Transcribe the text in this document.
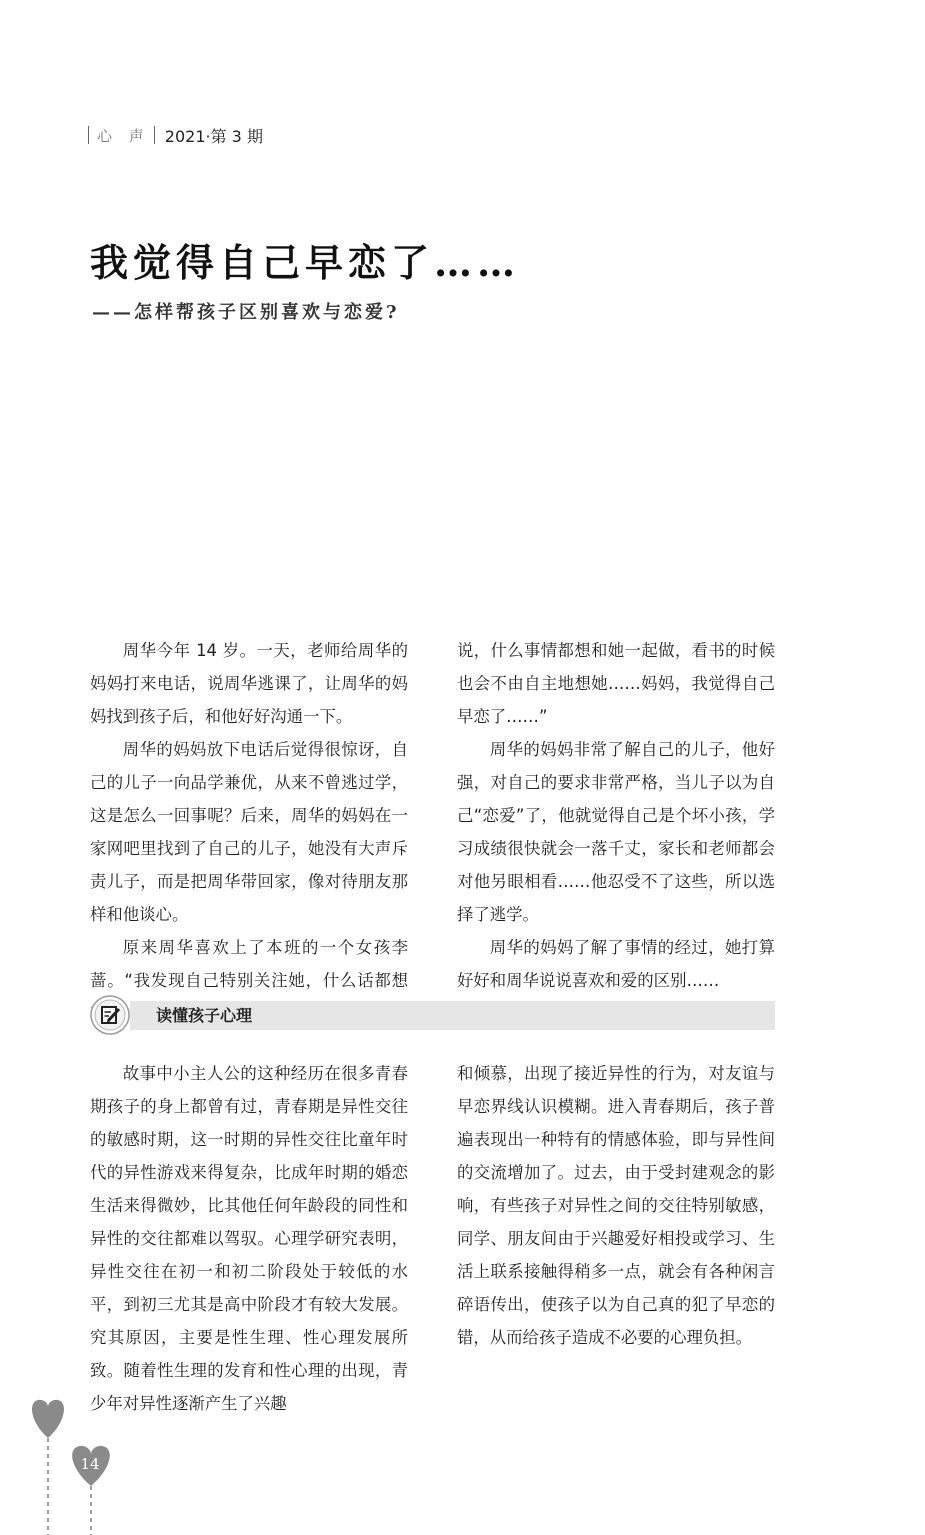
心 声 2021·第 3 期
我觉得自己早恋了……
——怎样帮孩子区别喜欢与恋爱?

周华今年 14 岁。一天，老师给周华的妈妈打来电话，说周华逃课了，让周华的妈妈找到孩子后，和他好好沟通一下。

周华的妈妈放下电话后觉得很惊讶，自己的儿子一向品学兼优，从来不曾逃过学，这是怎么一回事呢？后来，周华的妈妈在一家网吧里找到了自己的儿子，她没有大声斥责儿子，而是把周华带回家，像对待朋友那样和他谈心。

原来周华喜欢上了本班的一个女孩李蔷。“我发现自己特别关注她，什么话都想

说，什么事情都想和她一起做，看书的时候也会不由自主地想她……妈妈，我觉得自己早恋了……”

周华的妈妈非常了解自己的儿子，他好强，对自己的要求非常严格，当儿子以为自己“恋爱”了，他就觉得自己是个坏小孩，学习成绩很快就会一落千丈，家长和老师都会对他另眼相看……他忍受不了这些，所以选择了逃学。

周华的妈妈了解了事情的经过，她打算好好和周华说说喜欢和爱的区别……

读懂孩子心理

故事中小主人公的这种经历在很多青春期孩子的身上都曾有过，青春期是异性交往的敏感时期，这一时期的异性交往比童年时代的异性游戏来得复杂，比成年时期的婚恋生活来得微妙，比其他任何年龄段的同性和异性的交往都难以驾驭。心理学研究表明，异性交往在初一和初二阶段处于较低的水平，到初三尤其是高中阶段才有较大发展。究其原因，主要是性生理、性心理发展所致。随着性生理的发育和性心理的出现，青少年对异性逐渐产生了兴趣

和倾慕，出现了接近异性的行为，对友谊与早恋界线认识模糊。进入青春期后，孩子普遍表现出一种特有的情感体验，即与异性间的交流增加了。过去，由于受封建观念的影响，有些孩子对异性之间的交往特别敏感，同学、朋友间由于兴趣爱好相投或学习、生活上联系接触得稍多一点，就会有各种闲言碎语传出，使孩子以为自己真的犯了早恋的错，从而给孩子造成不必要的心理负担。

14
